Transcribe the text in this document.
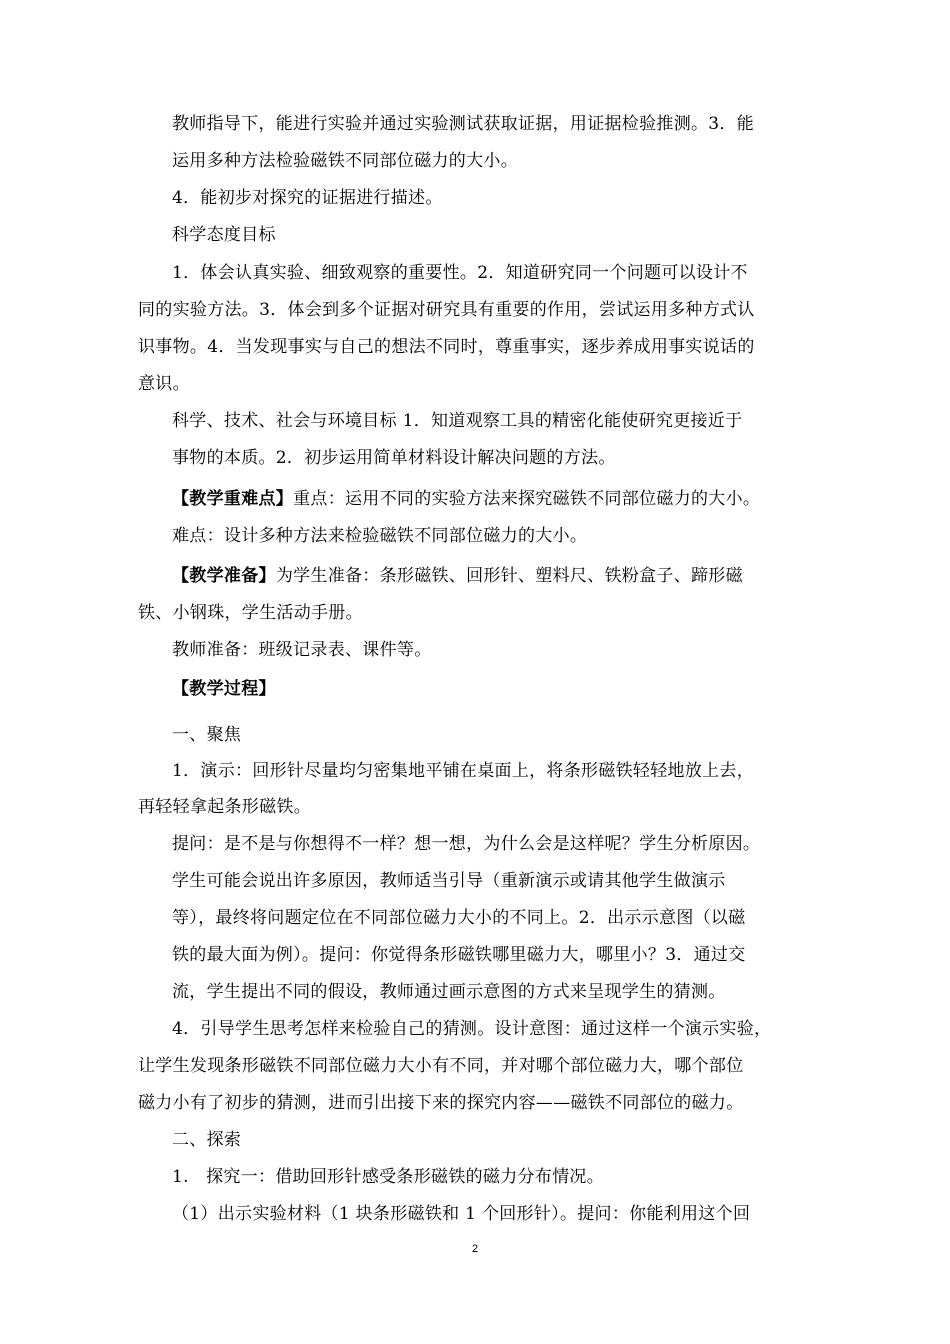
教师指导下，能进行实验并通过实验测试获取证据，用证据检验推测。3．能
运用多种方法检验磁铁不同部位磁力的大小。
4．能初步对探究的证据进行描述。
科学态度目标
1．体会认真实验、细致观察的重要性。2．知道研究同一个问题可以设计不
同的实验方法。3．体会到多个证据对研究具有重要的作用，尝试运用多种方式认
识事物。4．当发现事实与自己的想法不同时，尊重事实，逐步养成用事实说话的
意识。
科学、技术、社会与环境目标 1．知道观察工具的精密化能使研究更接近于
事物的本质。2．初步运用简单材料设计解决问题的方法。
【教学重难点】重点：运用不同的实验方法来探究磁铁不同部位磁力的大小。
难点：设计多种方法来检验磁铁不同部位磁力的大小。
【教学准备】为学生准备：条形磁铁、回形针、塑料尺、铁粉盒子、蹄形磁
铁、小钢珠，学生活动手册。
教师准备：班级记录表、课件等。
【教学过程】
一、聚焦
1．演示：回形针尽量均匀密集地平铺在桌面上，将条形磁铁轻轻地放上去，
再轻轻拿起条形磁铁。
提问：是不是与你想得不一样？想一想，为什么会是这样呢？学生分析原因。
学生可能会说出许多原因，教师适当引导（重新演示或请其他学生做演示
等），最终将问题定位在不同部位磁力大小的不同上。2．出示示意图（以磁
铁的最大面为例）。提问：你觉得条形磁铁哪里磁力大，哪里小？3．通过交
流，学生提出不同的假设，教师通过画示意图的方式来呈现学生的猜测。
4．引导学生思考怎样来检验自己的猜测。设计意图：通过这样一个演示实验，
让学生发现条形磁铁不同部位磁力大小有不同，并对哪个部位磁力大，哪个部位
磁力小有了初步的猜测，进而引出接下来的探究内容——磁铁不同部位的磁力。
二、探索
1.　探究一：借助回形针感受条形磁铁的磁力分布情况。
（1）出示实验材料（1 块条形磁铁和 1 个回形针）。提问：你能利用这个回
2
